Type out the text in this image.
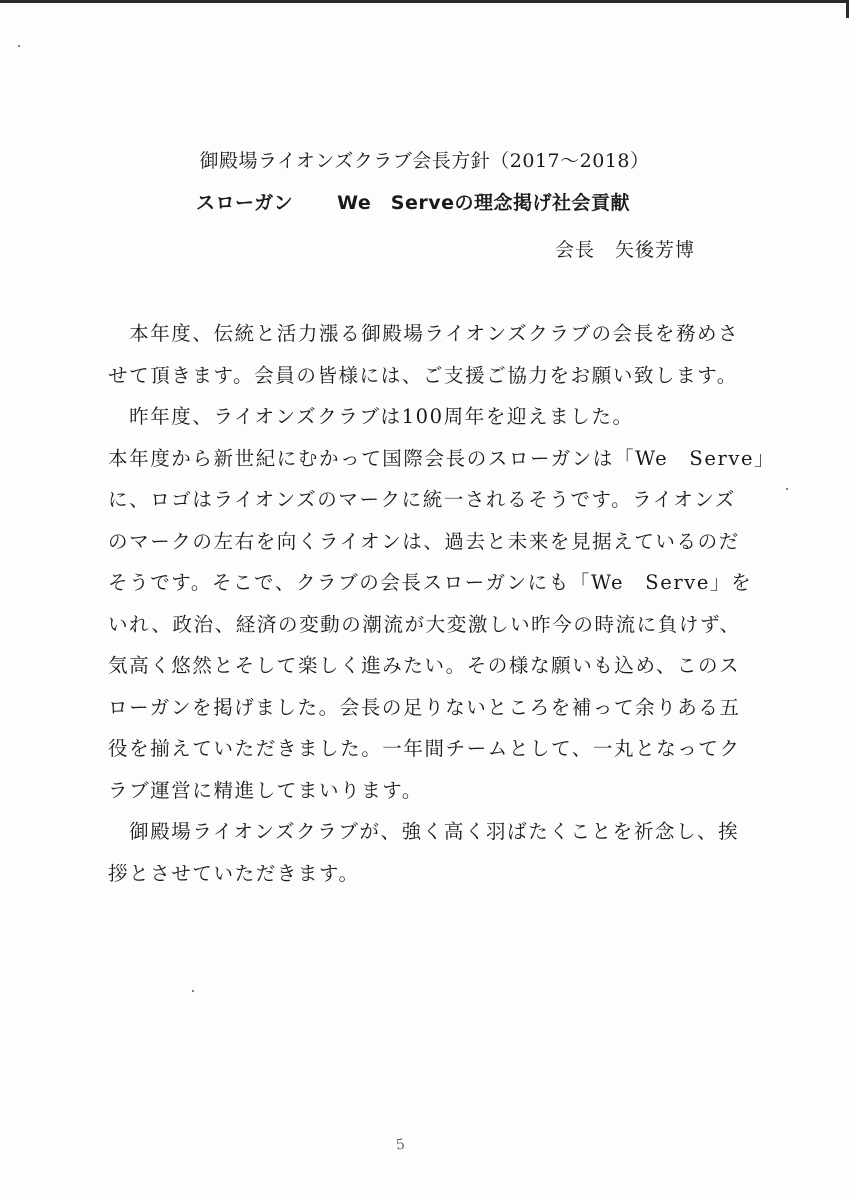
御殿場ライオンズクラブ会長方針（2017〜2018）
スローガン We　Serveの理念掲げ社会貢献
会長　矢後芳博
　本年度、伝統と活力漲る御殿場ライオンズクラブの会長を務めさ
せて頂きます。会員の皆様には、ご支援ご協力をお願い致します。
　昨年度、ライオンズクラブは100周年を迎えました。
本年度から新世紀にむかって国際会長のスローガンは「We　Serve」
に、ロゴはライオンズのマークに統一されるそうです。ライオンズ
のマークの左右を向くライオンは、過去と未来を見据えているのだ
そうです。そこで、クラブの会長スローガンにも「We　Serve」を
いれ、政治、経済の変動の潮流が大変激しい昨今の時流に負けず、
気高く悠然とそして楽しく進みたい。その様な願いも込め、このス
ローガンを掲げました。会長の足りないところを補って余りある五
役を揃えていただきました。一年間チームとして、一丸となってク
ラブ運営に精進してまいります。
　御殿場ライオンズクラブが、強く高く羽ばたくことを祈念し、挨
拶とさせていただきます。
5
